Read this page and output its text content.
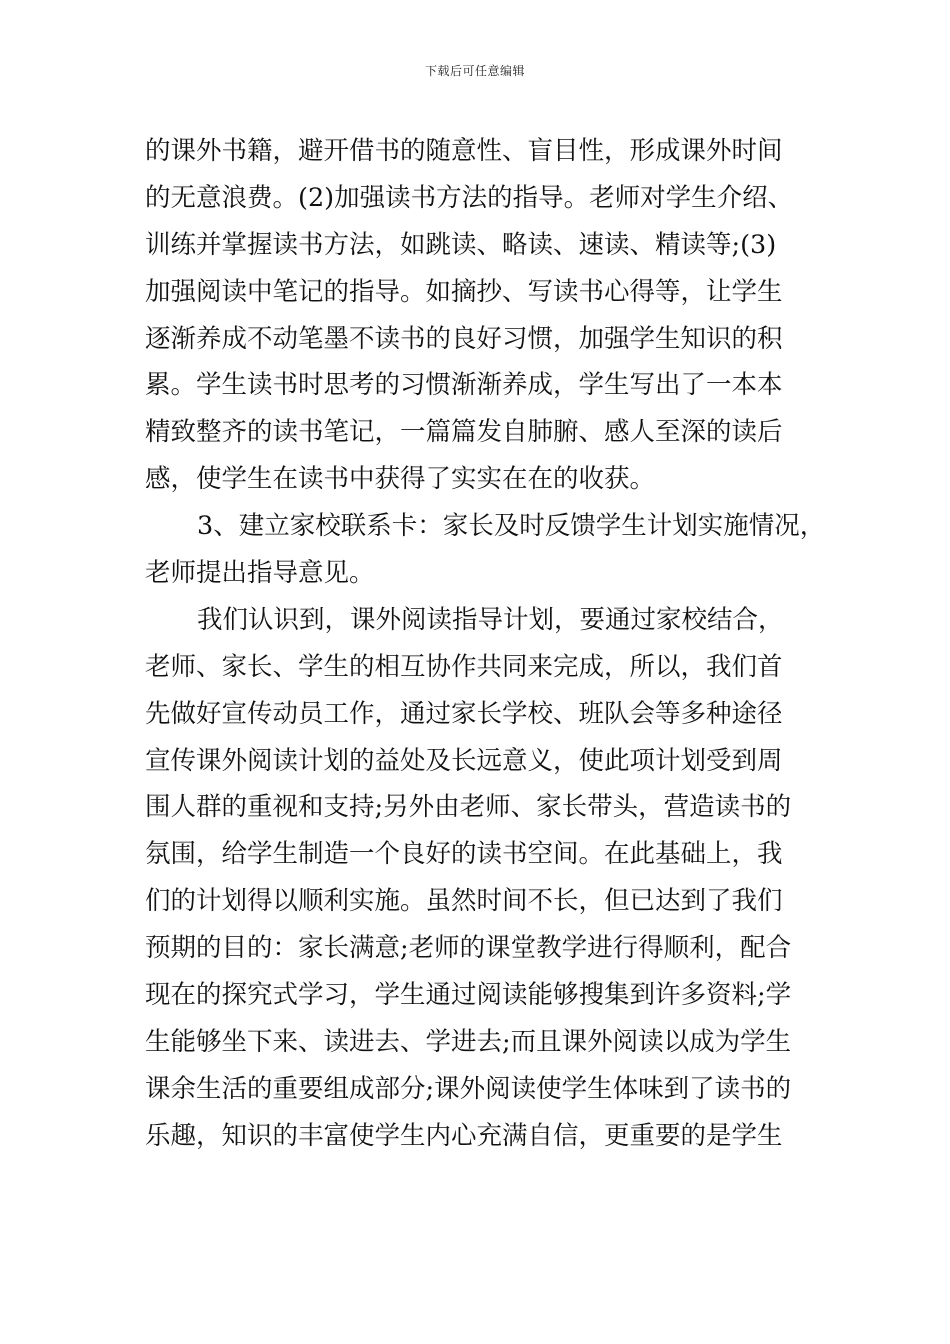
下载后可任意编辑
的课外书籍，避开借书的随意性、盲目性，形成课外时间
的无意浪费。(2)加强读书方法的指导。老师对学生介绍、
训练并掌握读书方法，如跳读、略读、速读、精读等;(3)
加强阅读中笔记的指导。如摘抄、写读书心得等，让学生
逐渐养成不动笔墨不读书的良好习惯，加强学生知识的积
累。学生读书时思考的习惯渐渐养成，学生写出了一本本
精致整齐的读书笔记，一篇篇发自肺腑、感人至深的读后
感，使学生在读书中获得了实实在在的收获。
3、建立家校联系卡：家长及时反馈学生计划实施情况，
老师提出指导意见。
我们认识到，课外阅读指导计划，要通过家校结合，
老师、家长、学生的相互协作共同来完成，所以，我们首
先做好宣传动员工作，通过家长学校、班队会等多种途径
宣传课外阅读计划的益处及长远意义，使此项计划受到周
围人群的重视和支持;另外由老师、家长带头，营造读书的
氛围，给学生制造一个良好的读书空间。在此基础上，我
们的计划得以顺利实施。虽然时间不长，但已达到了我们
预期的目的：家长满意;老师的课堂教学进行得顺利，配合
现在的探究式学习，学生通过阅读能够搜集到许多资料;学
生能够坐下来、读进去、学进去;而且课外阅读以成为学生
课余生活的重要组成部分;课外阅读使学生体味到了读书的
乐趣，知识的丰富使学生内心充满自信，更重要的是学生
